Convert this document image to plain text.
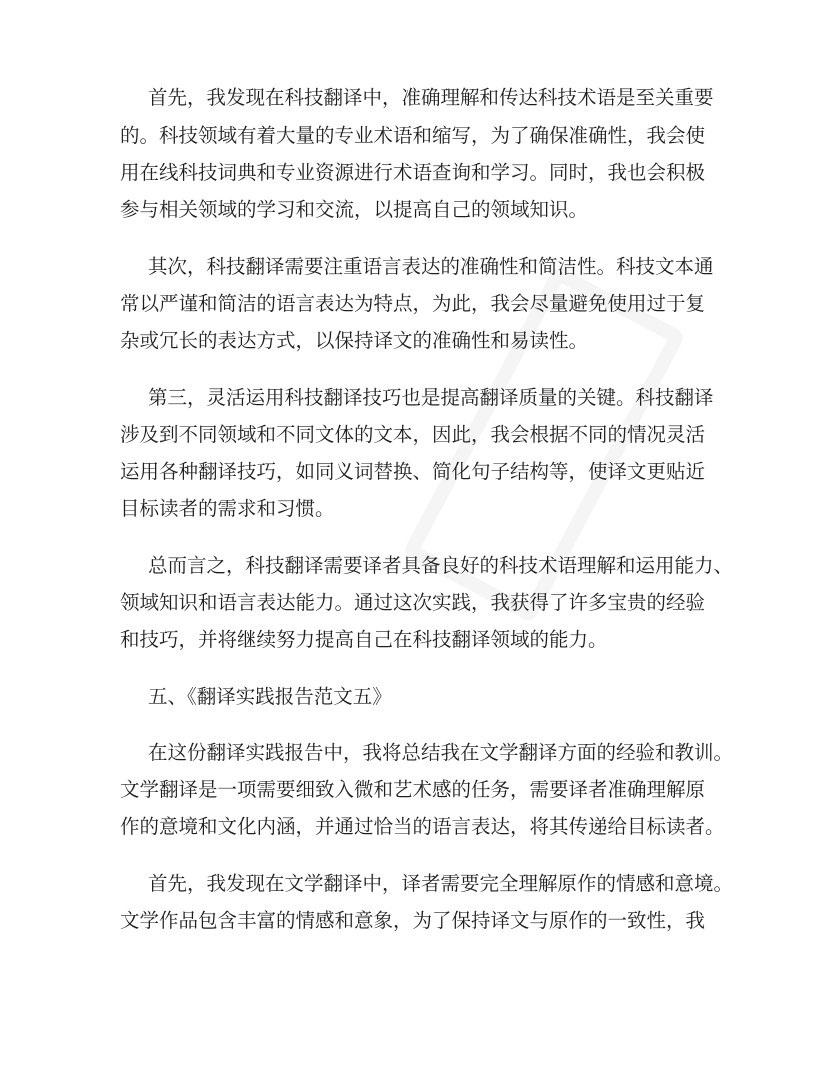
首先，我发现在科技翻译中，准确理解和传达科技术语是至关重要
的。科技领域有着大量的专业术语和缩写，为了确保准确性，我会使
用在线科技词典和专业资源进行术语查询和学习。同时，我也会积极
参与相关领域的学习和交流，以提高自己的领域知识。
其次，科技翻译需要注重语言表达的准确性和简洁性。科技文本通
常以严谨和简洁的语言表达为特点，为此，我会尽量避免使用过于复
杂或冗长的表达方式，以保持译文的准确性和易读性。
第三，灵活运用科技翻译技巧也是提高翻译质量的关键。科技翻译
涉及到不同领域和不同文体的文本，因此，我会根据不同的情况灵活
运用各种翻译技巧，如同义词替换、简化句子结构等，使译文更贴近
目标读者的需求和习惯。
总而言之，科技翻译需要译者具备良好的科技术语理解和运用能力、
领域知识和语言表达能力。通过这次实践，我获得了许多宝贵的经验
和技巧，并将继续努力提高自己在科技翻译领域的能力。
五、《翻译实践报告范文五》
在这份翻译实践报告中，我将总结我在文学翻译方面的经验和教训。
文学翻译是一项需要细致入微和艺术感的任务，需要译者准确理解原
作的意境和文化内涵，并通过恰当的语言表达，将其传递给目标读者。
首先，我发现在文学翻译中，译者需要完全理解原作的情感和意境。
文学作品包含丰富的情感和意象，为了保持译文与原作的一致性，我
